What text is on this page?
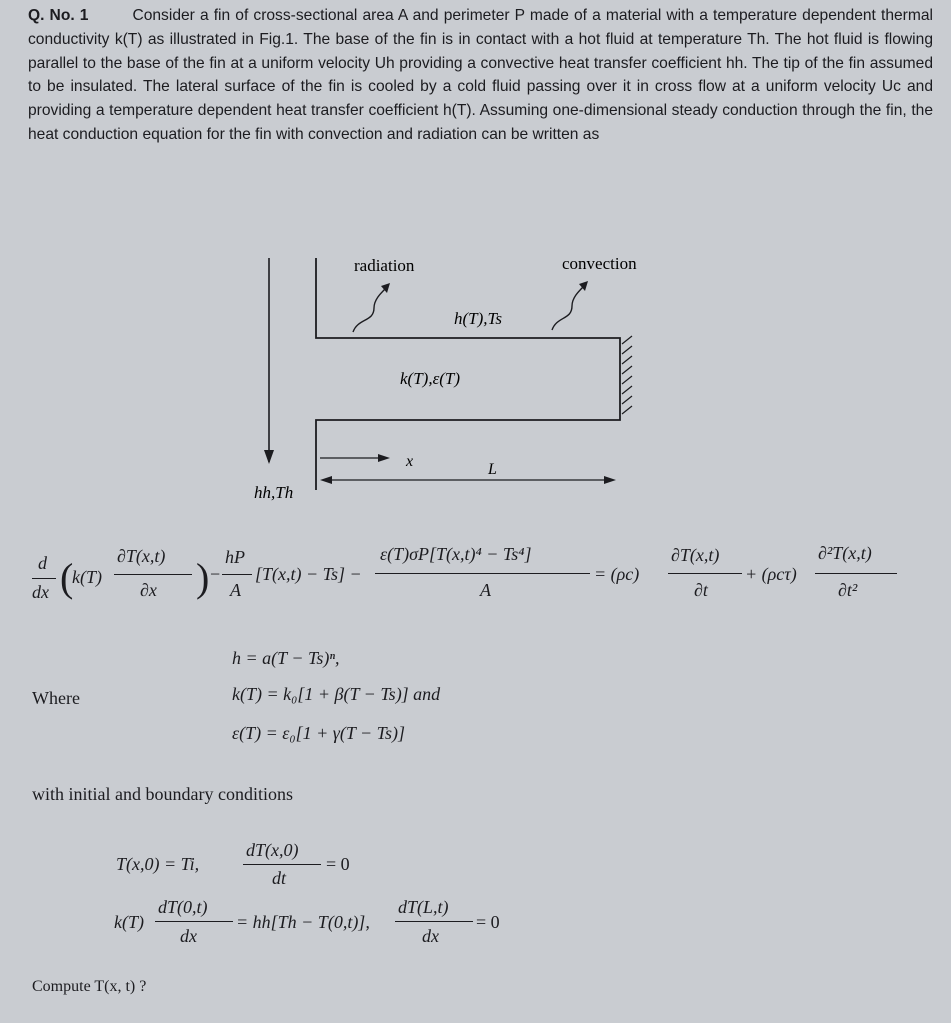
Q. No. 1	Consider a fin of cross-sectional area A and perimeter P made of a material with a temperature dependent thermal conductivity k(T) as illustrated in Fig.1. The base of the fin is in contact with a hot fluid at temperature Th. The hot fluid is flowing parallel to the base of the fin at a uniform velocity Uh providing a convective heat transfer coefficient hh. The tip of the fin assumed to be insulated. The lateral surface of the fin is cooled by a cold fluid passing over it in cross flow at a uniform velocity Uc and providing a temperature dependent heat transfer coefficient h(T). Assuming one-dimensional steady conduction through the fin, the heat conduction equation for the fin with convection and radiation can be written as

radiation	convection
h(T),Ts
k(T),ε(T)
x	L
hh,Th
d
dx (
k(T)
∂T(x,t)
∂x ) −
hP
A
[T(x,t) − Ts] −
ε(T)σP[T(x,t)⁴ − Ts⁴]
A
= (ρc)
∂T(x,t)
∂t
+ (ρcτ)
∂²T(x,t)
∂t²
h = a(T − Ts)ⁿ,
Where	k(T) = k₀[1 + β(T − Ts)] and
ε(T) = ε₀[1 + γ(T − Ts)]
with initial and boundary conditions
T(x,0) = Ti,
dT(x,0)
dt
= 0
k(T)
dT(0,t)
dx
= hh[Th − T(0,t)],
dT(L,t)
dx
= 0
Compute T(x, t) ?
